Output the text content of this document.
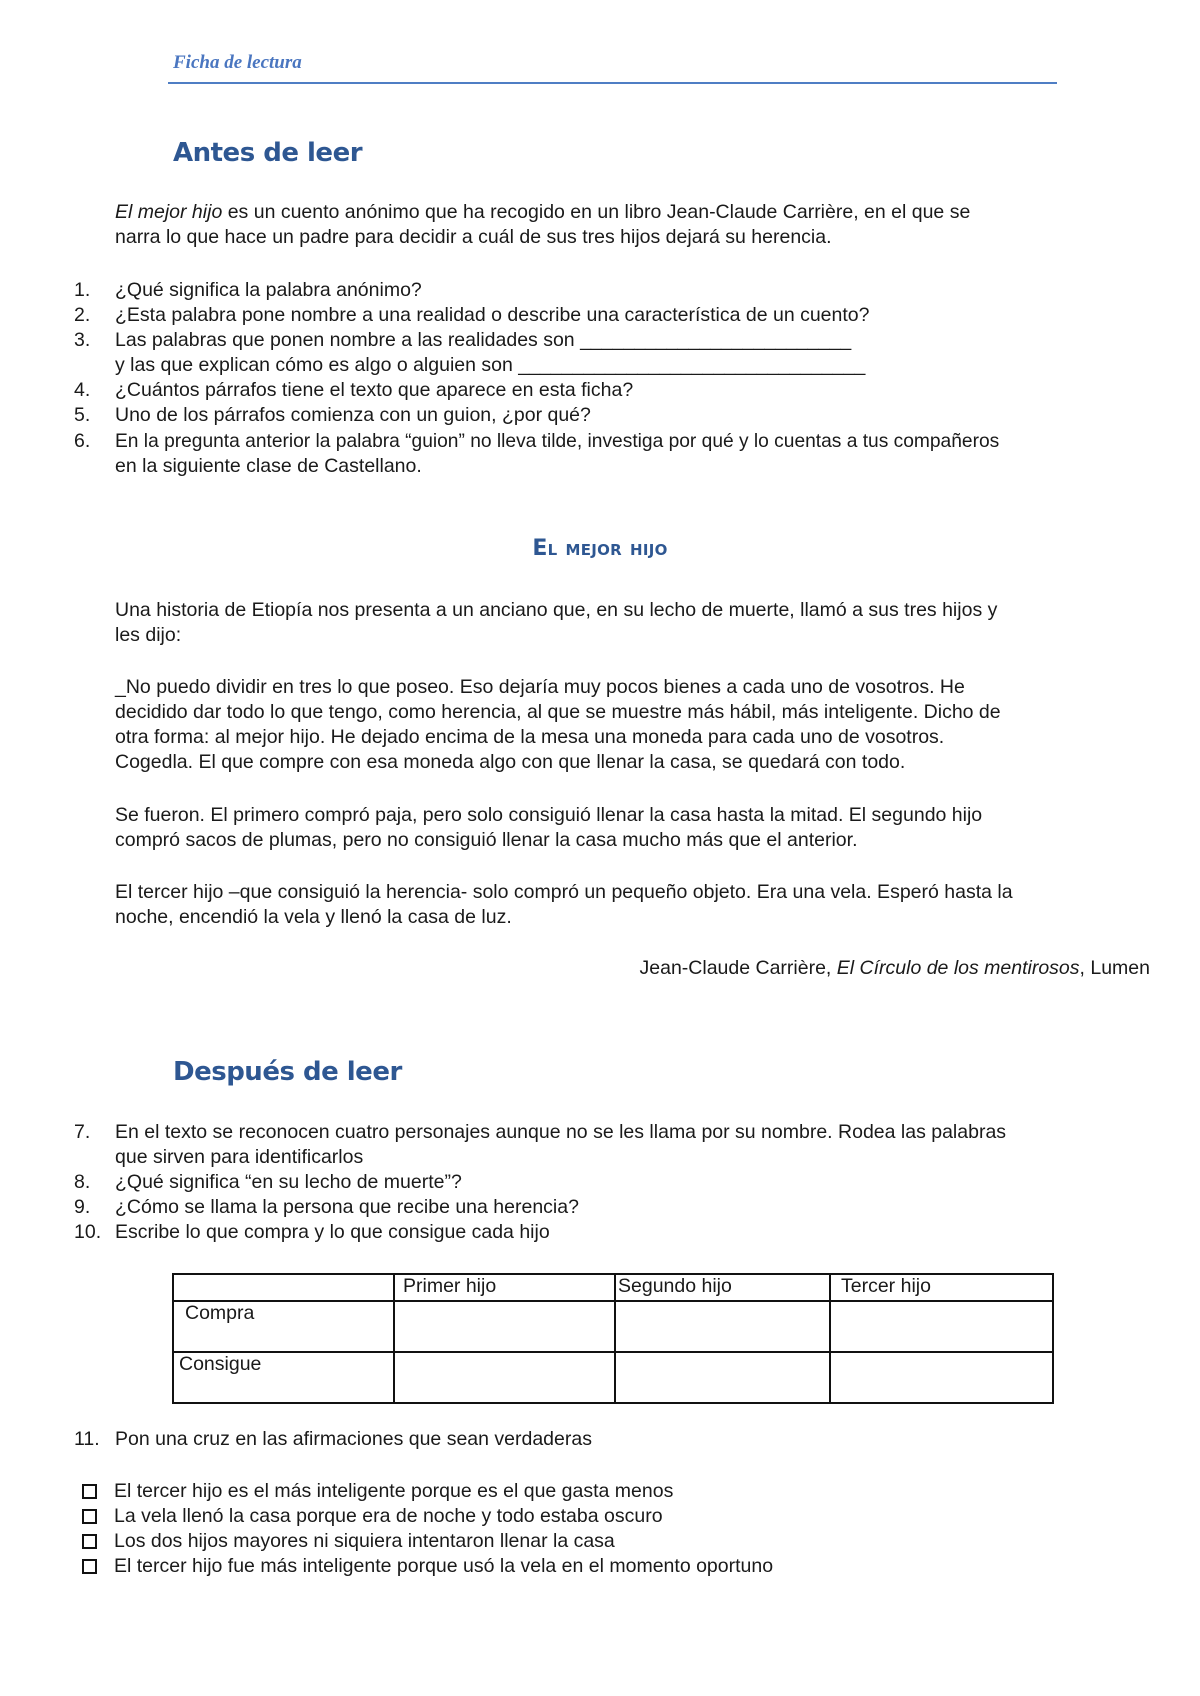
Ficha de lectura
Antes de leer
El mejor hijo es un cuento anónimo que ha recogido en un libro Jean-Claude Carrière, en el que se
narra lo que hace un padre para decidir a cuál de sus tres hijos dejará su herencia.
1.	¿Qué significa la palabra anónimo?
2.	¿Esta palabra pone nombre a una realidad o describe una característica de un cuento?
3.	Las palabras que ponen nombre a las realidades son _________________________
y las que explican cómo es algo o alguien son ________________________________
4.	¿Cuántos párrafos tiene el texto que aparece en esta ficha?
5.	Uno de los párrafos comienza con un guion, ¿por qué?
6.	En la pregunta anterior la palabra “guion” no lleva tilde, investiga por qué y lo cuentas a tus compañeros
en la siguiente clase de Castellano.
El mejor hijo
Una historia de Etiopía nos presenta a un anciano que, en su lecho de muerte, llamó a sus tres hijos y
les dijo:
_No puedo dividir en tres lo que poseo. Eso dejaría muy pocos bienes a cada uno de vosotros. He
decidido dar todo lo que tengo, como herencia, al que se muestre más hábil, más inteligente. Dicho de
otra forma: al mejor hijo. He dejado encima de la mesa una moneda para cada uno de vosotros.
Cogedla. El que compre con esa moneda algo con que llenar la casa, se quedará con todo.
Se fueron. El primero compró paja, pero solo consiguió llenar la casa hasta la mitad. El segundo hijo
compró sacos de plumas, pero no consiguió llenar la casa mucho más que el anterior.
El tercer hijo –que consiguió la herencia- solo compró un pequeño objeto. Era una vela. Esperó hasta la
noche, encendió la vela y llenó la casa de luz.
Jean-Claude Carrière, El Círculo de los mentirosos, Lumen
Después de leer
7.	En el texto se reconocen cuatro personajes aunque no se les llama por su nombre. Rodea las palabras
que sirven para identificarlos
8.	¿Qué significa “en su lecho de muerte”?
9.	¿Cómo se llama la persona que recibe una herencia?
10. Escribe lo que compra y lo que consigue cada hijo
	Primer hijo	Segundo hijo	Tercer hijo
Compra			
Consigue			
11. Pon una cruz en las afirmaciones que sean verdaderas
El tercer hijo es el más inteligente porque es el que gasta menos
La vela llenó la casa porque era de noche y todo estaba oscuro
Los dos hijos mayores ni siquiera intentaron llenar la casa
El tercer hijo fue más inteligente porque usó la vela en el momento oportuno
